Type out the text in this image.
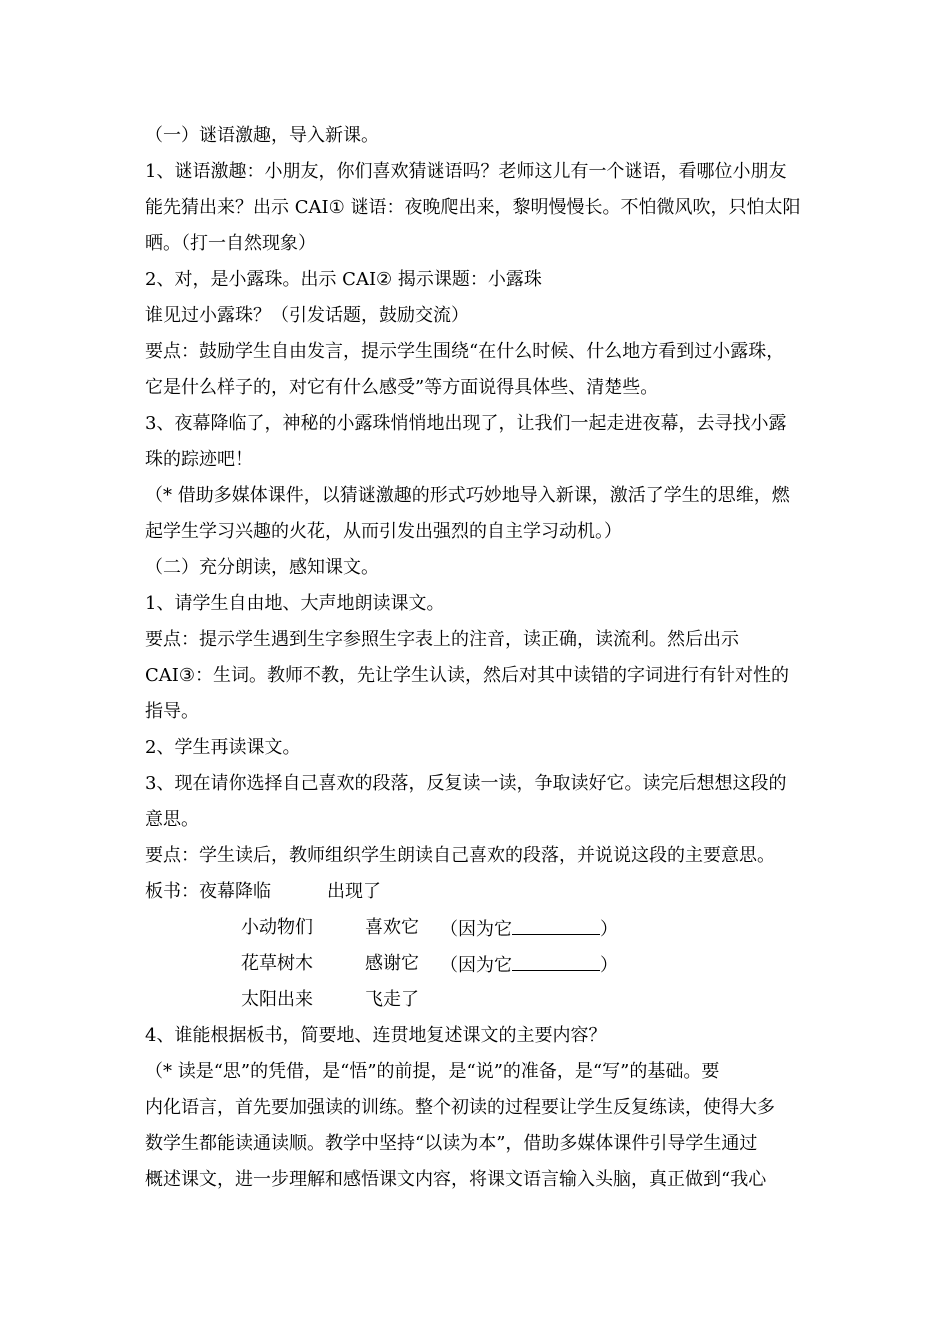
（一）谜语激趣，导入新课。
1、谜语激趣：小朋友，你们喜欢猜谜语吗？老师这儿有一个谜语，看哪位小朋友
能先猜出来？出示 CAI① 谜语：夜晚爬出来，黎明慢慢长。不怕微风吹，只怕太阳
晒。（打一自然现象）
2、对，是小露珠。出示 CAI② 揭示课题：小露珠
谁见过小露珠？（引发话题，鼓励交流）
要点：鼓励学生自由发言，提示学生围绕“在什么时候、什么地方看到过小露珠，
它是什么样子的，对它有什么感受”等方面说得具体些、清楚些。
3、夜幕降临了，神秘的小露珠悄悄地出现了，让我们一起走进夜幕，去寻找小露
珠的踪迹吧！
（* 借助多媒体课件，以猜谜激趣的形式巧妙地导入新课，激活了学生的思维，燃
起学生学习兴趣的火花，从而引发出强烈的自主学习动机。）
（二）充分朗读，感知课文。
1、请学生自由地、大声地朗读课文。
要点：提示学生遇到生字参照生字表上的注音，读正确，读流利。然后出示
CAI③：生词。教师不教，先让学生认读，然后对其中读错的字词进行有针对性的
指导。
2、学生再读课文。
3、现在请你选择自己喜欢的段落，反复读一读，争取读好它。读完后想想这段的
意思。
要点：学生读后，教师组织学生朗读自己喜欢的段落，并说说这段的主要意思。
板书：夜幕降临	出现了
小动物们	喜欢它 （因为它	）
花草树木	感谢它 （因为它	）
太阳出来	飞走了
4、谁能根据板书，简要地、连贯地复述课文的主要内容？
（* 读是“思”的凭借，是“悟”的前提，是“说”的准备，是“写”的基础。要
内化语言，首先要加强读的训练。整个初读的过程要让学生反复练读，使得大多
数学生都能读通读顺。教学中坚持“以读为本”，借助多媒体课件引导学生通过
概述课文，进一步理解和感悟课文内容，将课文语言输入头脑，真正做到“我心
